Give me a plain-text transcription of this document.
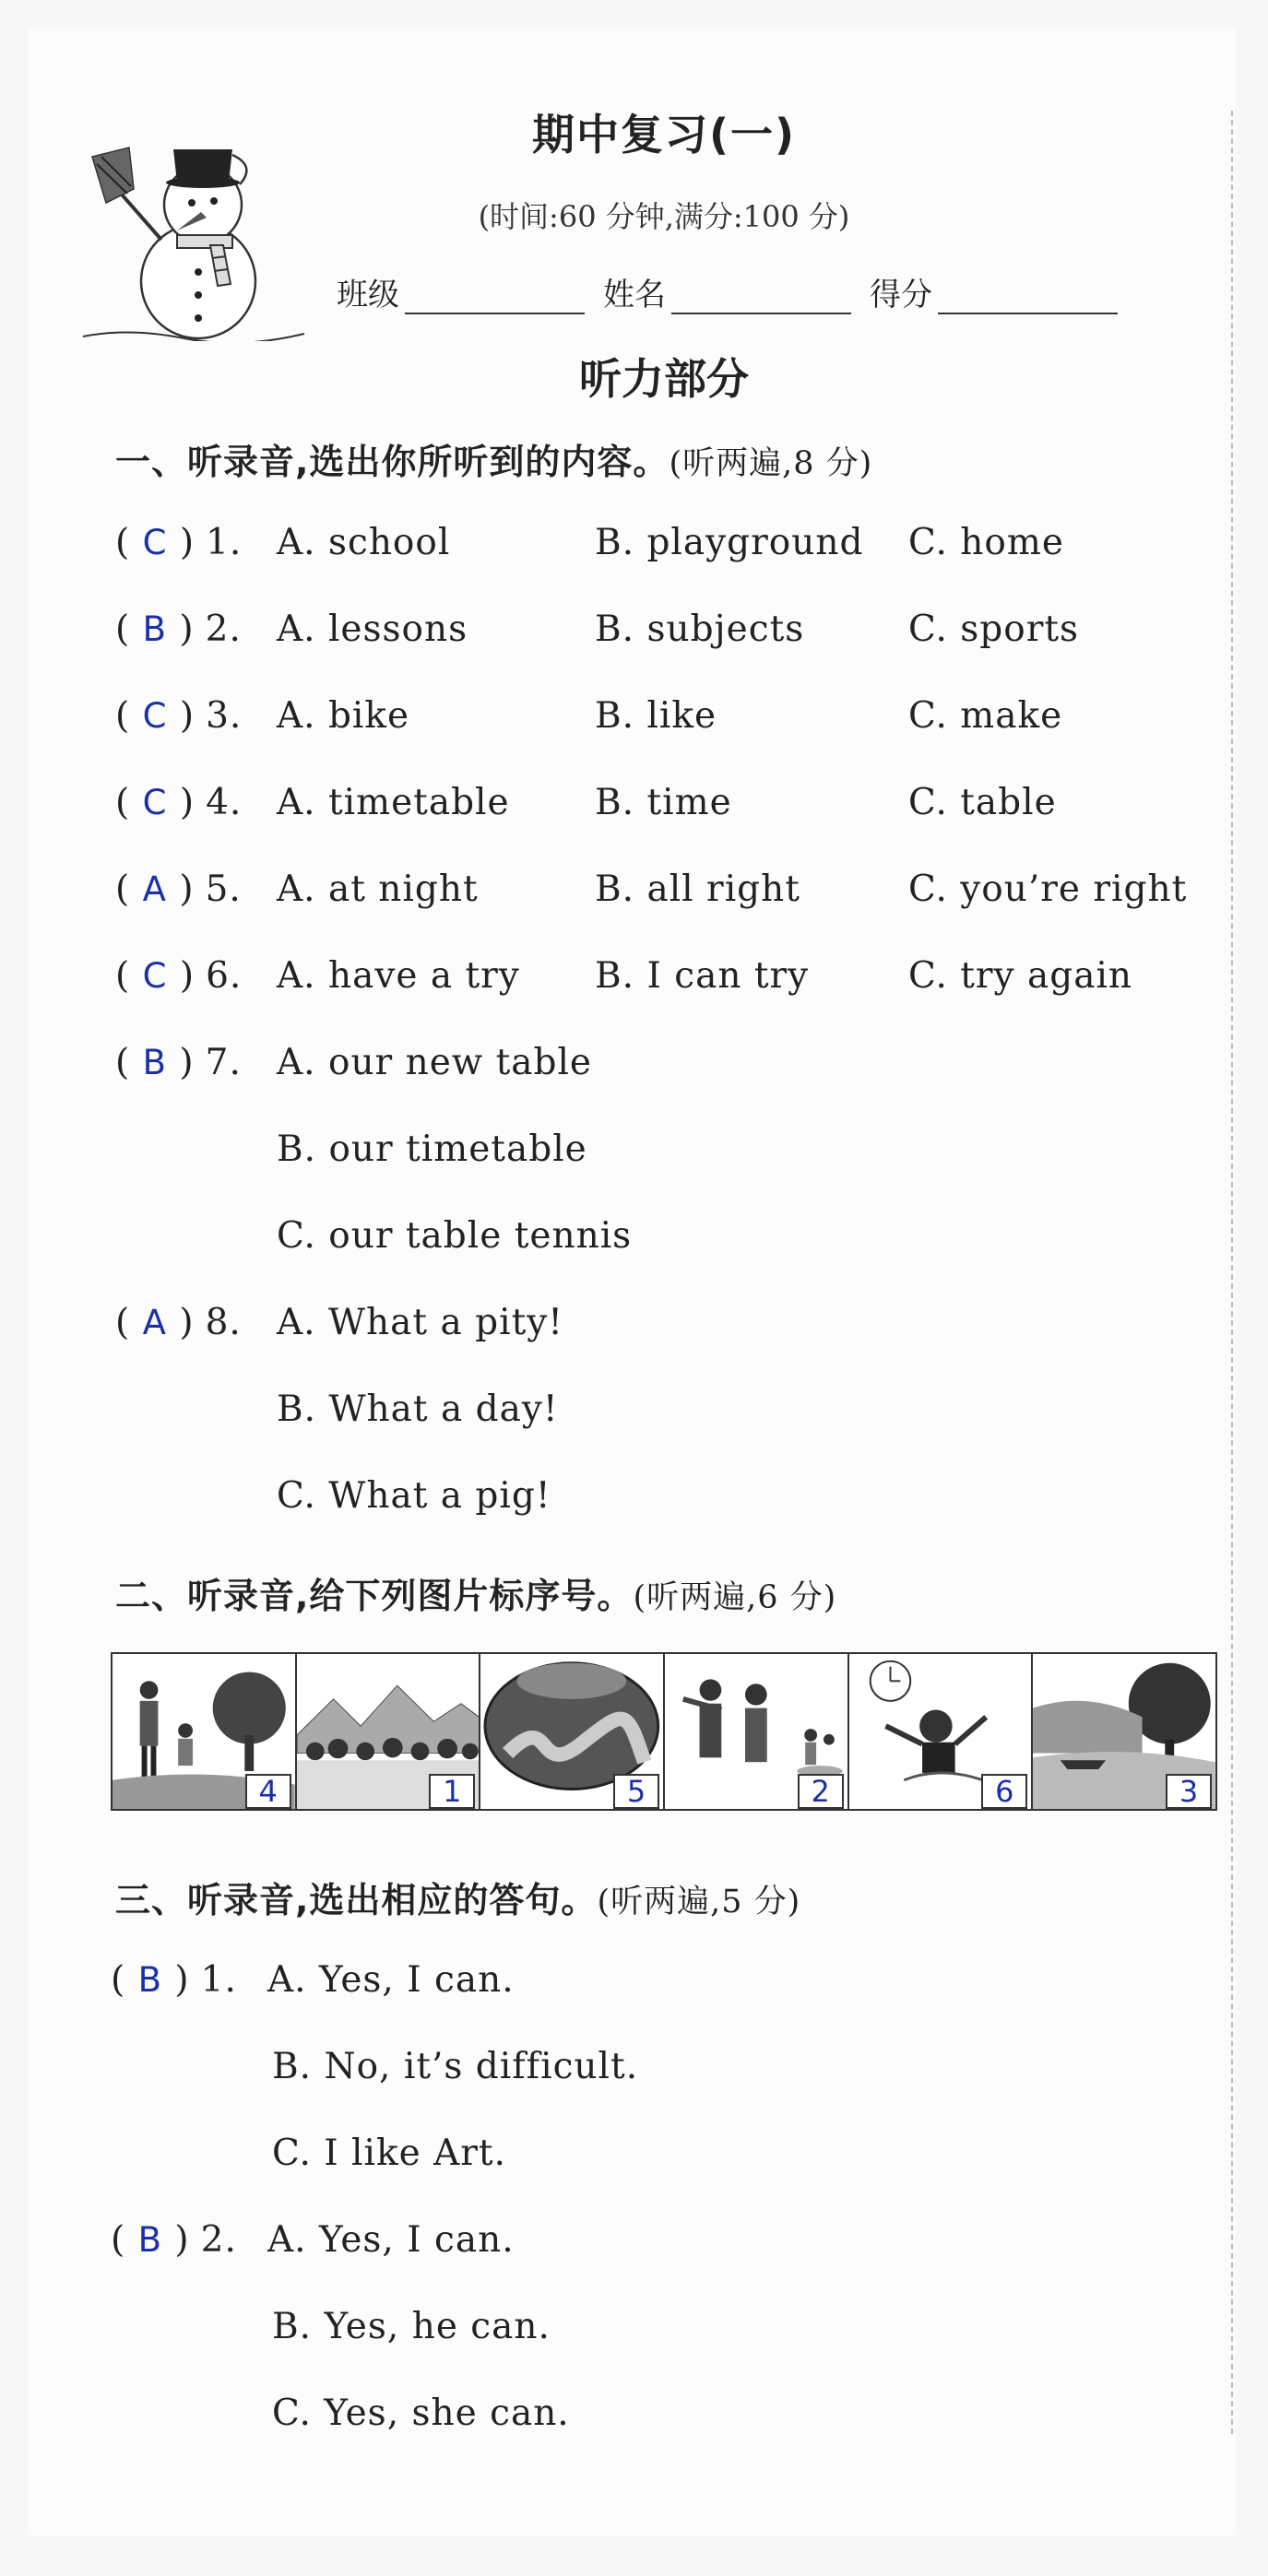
期中复习(一)
(时间:60 分钟,满分:100 分)
班级	姓名	得分
听力部分
一、听录音,选出你所听到的内容。(听两遍,8 分)
( C ) 1. A. school	B. playground C. home
( B ) 2. A. lessons	B. subjects	C. sports
( C ) 3. A. bike	B. like	C. make
( C ) 4. A. timetable B. time	C. table
( A ) 5. A. at night	B. all right	C. you’re right
( C ) 6. A. have a try B. I can try	C. try again
( B ) 7. A. our new table
B. our timetable
C. our table tennis
( A ) 8. A. What a pity!
B. What a day!
C. What a pig!
二、听录音,给下列图片标序号。(听两遍,6 分)
4	1	5	2	6	3
三、听录音,选出相应的答句。(听两遍,5 分)
( B ) 1. A. Yes, I can.
B. No, it’s difficult.
C. I like Art.
( B ) 2. A. Yes, I can.
B. Yes, he can.
C. Yes, she can.
